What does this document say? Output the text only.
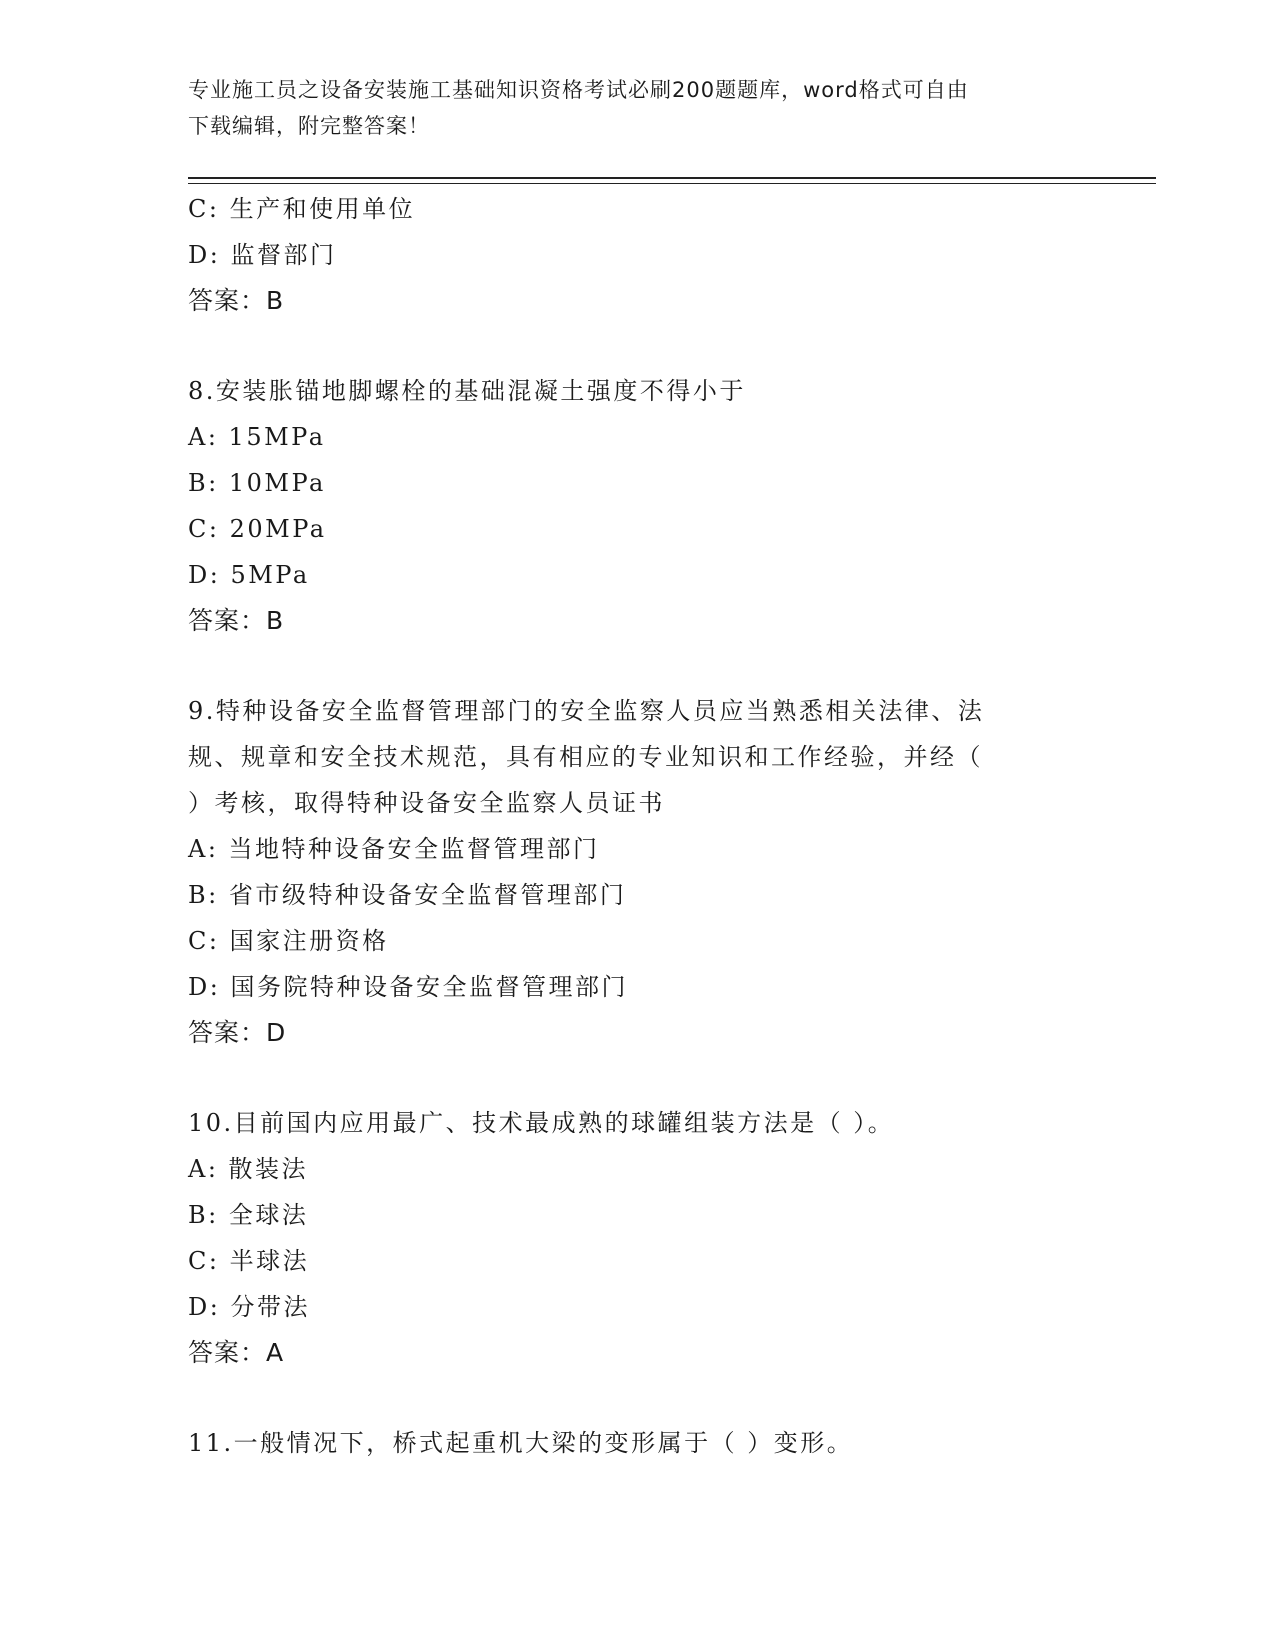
专业施工员之设备安装施工基础知识资格考试必刷200题题库，word格式可自由
下载编辑，附完整答案！
C: 生产和使用单位
D: 监督部门
答案：B
8.安装胀锚地脚螺栓的基础混凝土强度不得小于
A: 15MPa
B: 10MPa
C: 20MPa
D: 5MPa
答案：B
9.特种设备安全监督管理部门的安全监察人员应当熟悉相关法律、法
规、规章和安全技术规范，具有相应的专业知识和工作经验，并经（
）考核，取得特种设备安全监察人员证书
A: 当地特种设备安全监督管理部门
B: 省市级特种设备安全监督管理部门
C: 国家注册资格
D: 国务院特种设备安全监督管理部门
答案：D
10.目前国内应用最广、技术最成熟的球罐组装方法是（ ）。
A: 散装法
B: 全球法
C: 半球法
D: 分带法
答案：A
11.一般情况下，桥式起重机大梁的变形属于（ ）变形。
